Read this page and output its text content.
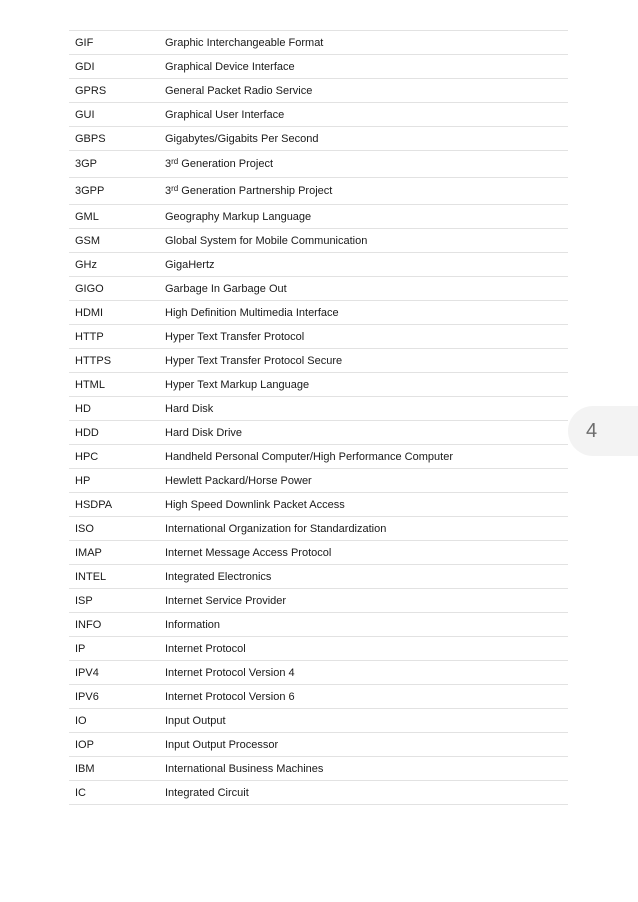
GIF	Graphic Interchangeable Format
GDI	Graphical Device Interface
GPRS	General Packet Radio Service
GUI	Graphical User Interface
GBPS	Gigabytes/Gigabits Per Second
3GP	3rd Generation Project
3GPP	3rd Generation Partnership Project
GML	Geography Markup Language
GSM	Global System for Mobile Communication
GHz	GigaHertz
GIGO	Garbage In Garbage Out
HDMI	High Definition Multimedia Interface
HTTP	Hyper Text Transfer Protocol
HTTPS	Hyper Text Transfer Protocol Secure
HTML	Hyper Text Markup Language
HD	Hard Disk
HDD	Hard Disk Drive
HPC	Handheld Personal Computer/High Performance Computer
HP	Hewlett Packard/Horse Power
HSDPA	High Speed Downlink Packet Access
ISO	International Organization for Standardization
IMAP	Internet Message Access Protocol
INTEL	Integrated Electronics
ISP	Internet Service Provider
INFO	Information
IP	Internet Protocol
IPV4	Internet Protocol Version 4
IPV6	Internet Protocol Version 6
IO	Input Output
IOP	Input Output Processor
IBM	International Business Machines
IC	Integrated Circuit
4
